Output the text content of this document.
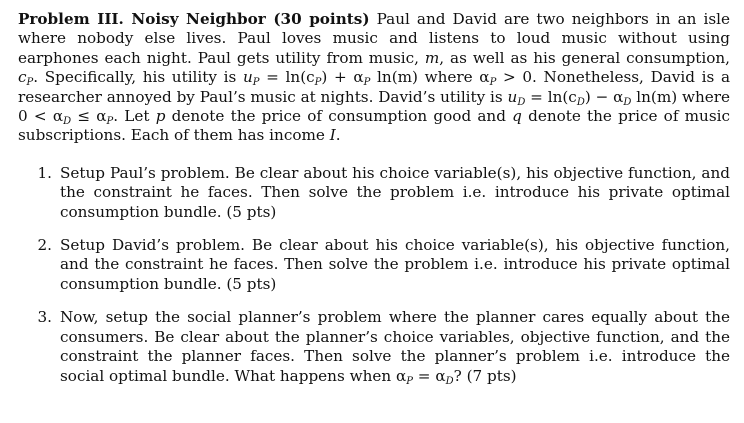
Problem III. Noisy Neighbor (30 points) Paul and David are two neighbors in an isle where nobody else lives. Paul loves music and listens to loud music without using earphones each night. Paul gets utility from music, m, as well as his general consumption, $c_P$. Specifically, his utility is $u_P = \ln(c_P) + \alpha_P$ ln(m) where $\alpha_P > 0$. Nonetheless, David is a researcher annoyed by Paul’s music at nights. David’s utility is $u_D = \ln(c_D) - \alpha_D$ ln(m) where $0 < \alpha_D \le \alpha_P$. Let p denote the price of consumption good and q denote the price of music subscriptions. Each of them has income I.

1. Setup Paul’s problem. Be clear about his choice variable(s), his objective function, and the constraint he faces. Then solve the problem i.e. introduce his private optimal consumption bundle. (5 pts)
2. Setup David’s problem. Be clear about his choice variable(s), his objective function, and the constraint he faces. Then solve the problem i.e. introduce his private optimal consumption bundle. (5 pts)
3. Now, setup the social planner’s problem where the planner cares equally about the consumers. Be clear about the planner’s choice variables, objective function, and the constraint the planner faces. Then solve the planner’s problem i.e. introduce the social optimal bundle. What happens when $\alpha_P = \alpha_D$? (7 pts)
